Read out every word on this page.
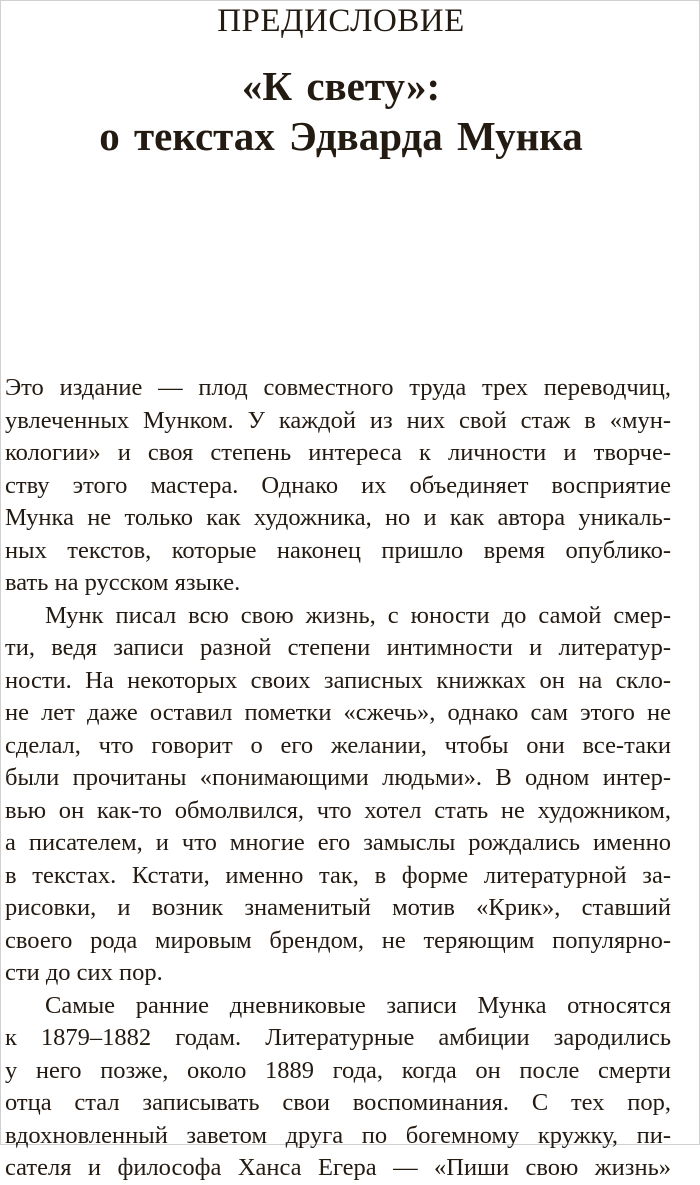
ПРЕДИСЛОВИЕ
«К свету»:
о текстах Эдварда Мунка
Это издание — плод совместного труда трех переводчиц,
увлеченных Мунком. У каждой из них свой стаж в «мун-
кологии» и своя степень интереса к личности и творче-
ству этого мастера. Однако их объединяет восприятие
Мунка не только как художника, но и как автора уникаль-
ных текстов, которые наконец пришло время опублико-
вать на русском языке.
Мунк писал всю свою жизнь, с юности до самой смер-
ти, ведя записи разной степени интимности и литератур-
ности. На некоторых своих записных книжках он на скло-
не лет даже оставил пометки «сжечь», однако сам этого не
сделал, что говорит о его желании, чтобы они все-таки
были прочитаны «понимающими людьми». В одном интер-
вью он как-то обмолвился, что хотел стать не художником,
а писателем, и что многие его замыслы рождались именно
в текстах. Кстати, именно так, в форме литературной за-
рисовки, и возник знаменитый мотив «Крик», ставший
своего рода мировым брендом, не теряющим популярно-
сти до сих пор.
Самые ранние дневниковые записи Мунка относятся
к 1879–1882 годам. Литературные амбиции зародились
у него позже, около 1889 года, когда он после смерти
отца стал записывать свои воспоминания. С тех пор,
вдохновленный заветом друга по богемному кружку, пи-
сателя и философа Ханса Егера — «Пиши свою жизнь»
